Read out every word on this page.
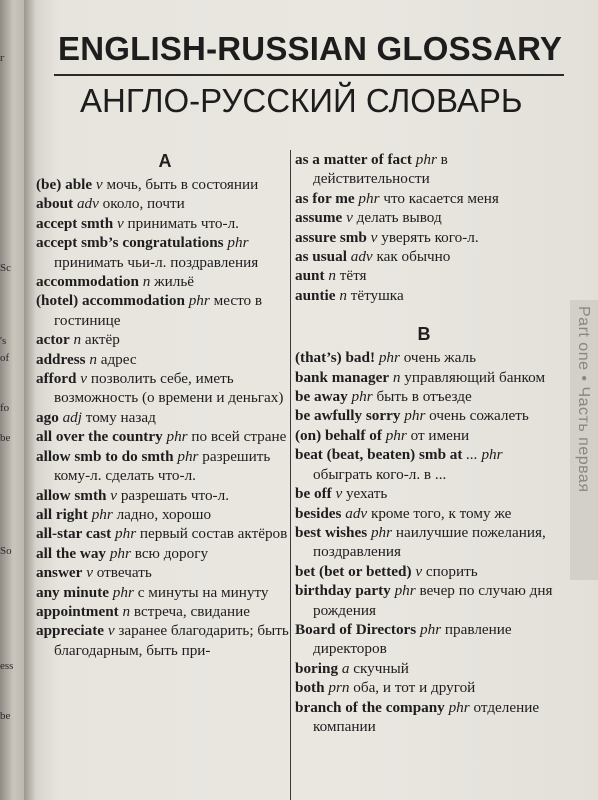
г
Sc
's
of
fo
be
So
ess
be
ENGLISH-RUSSIAN GLOSSARY
АНГЛО-РУССКИЙ СЛОВАРЬ
A
(be) able v мочь, быть в состоянии
about adv около, почти
accept smth v принимать что-л.
accept smb’s congratulations phr принимать чьи-л. поздравления
accommodation n жильё
(hotel) accommodation phr место в гостинице
actor n актёр
address n адрес
afford v позволить себе, иметь возможность (о времени и деньгах)
ago adj тому назад
all over the country phr по всей стране
allow smb to do smth phr разрешить кому-л. сделать что-л.
allow smth v разрешать что-л.
all right phr ладно, хорошо
all-star cast phr первый состав актёров
all the way phr всю дорогу
answer v отвечать
any minute phr с минуты на минуту
appointment n встреча, свидание
appreciate v заранее благодарить; быть благодарным, быть при-
as a matter of fact phr в действительности
as for me phr что касается меня
assume v делать вывод
assure smb v уверять кого-л.
as usual adv как обычно
aunt n тётя
auntie n тётушка
B
(that’s) bad! phr очень жаль
bank manager n управляющий банком
be away phr быть в отъезде
be awfully sorry phr очень сожалеть
(on) behalf of phr от имени
beat (beat, beaten) smb at ... phr обыграть кого-л. в ...
be off v уехать
besides adv кроме того, к тому же
best wishes phr наилучшие пожелания, поздравления
bet (bet or betted) v спорить
birthday party phr вечер по случаю дня рождения
Board of Directors phr правление директоров
boring a скучный
both prn оба, и тот и другой
branch of the company phr отделение компании
Part one • Часть первая
